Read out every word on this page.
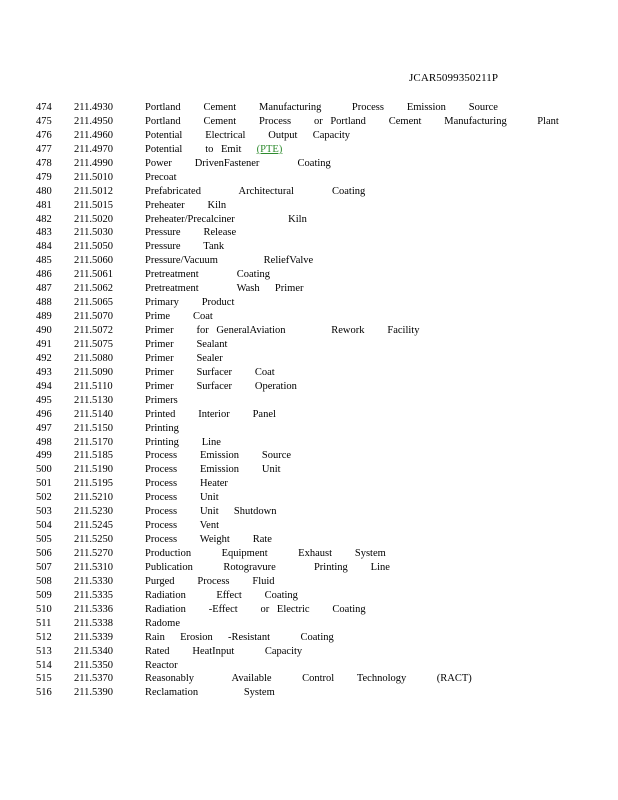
JCAR5099350211P
474 211.4930	Portland   Cement   Manufacturing    Process   Emission   Source
475 211.4950	Portland   Cement   Process   or Portland   Cement   Manufacturing    Plant
476 211.4960	Potential   Electrical   Output  Capacity
477 211.4970	Potential   to Emit (PTE)
478 211.4990	Power   DrivenFastener     Coating
479 211.5010	Precoat
480 211.5012	Prefabricated     Architectural     Coating
481 211.5015	Preheater   Kiln
482 211.5020	Preheater/Precalciner       Kiln
483 211.5030	Pressure   Release
484 211.5050	Pressure   Tank
485 211.5060	Pressure/Vacuum      ReliefValve
486 211.5061	Pretreatment     Coating
487 211.5062	Pretreatment     Wash  Primer
488 211.5065	Primary   Product
489 211.5070	Prime   Coat
490 211.5072	Primer   for GeneralAviation      Rework   Facility
491 211.5075	Primer   Sealant
492 211.5080	Primer   Sealer
493 211.5090	Primer   Surfacer   Coat
494 211.5110	Primer   Surfacer   Operation
495 211.5130	Primers
496 211.5140	Printed   Interior   Panel
497 211.5150	Printing
498 211.5170	Printing   Line
499 211.5185	Process   Emission   Source
500 211.5190	Process   Emission   Unit
501 211.5195	Process   Heater
502 211.5210	Process   Unit
503 211.5230	Process   Unit  Shutdown
504 211.5245	Process   Vent
505 211.5250	Process   Weight   Rate
506 211.5270	Production    Equipment    Exhaust   System
507 211.5310	Publication    Rotogravure     Printing   Line
508 211.5330	Purged   Process   Fluid
509 211.5335	Radiation    Effect   Coating
510 211.5336	Radiation   -Effect   or Electric   Coating
511 211.5338	Radome
512 211.5339	Rain  Erosion  -Resistant    Coating
513 211.5340	Rated   HeatInput    Capacity
514 211.5350	Reactor
515 211.5370	Reasonably     Available    Control   Technology    (RACT)
516 211.5390	Reclamation      System
